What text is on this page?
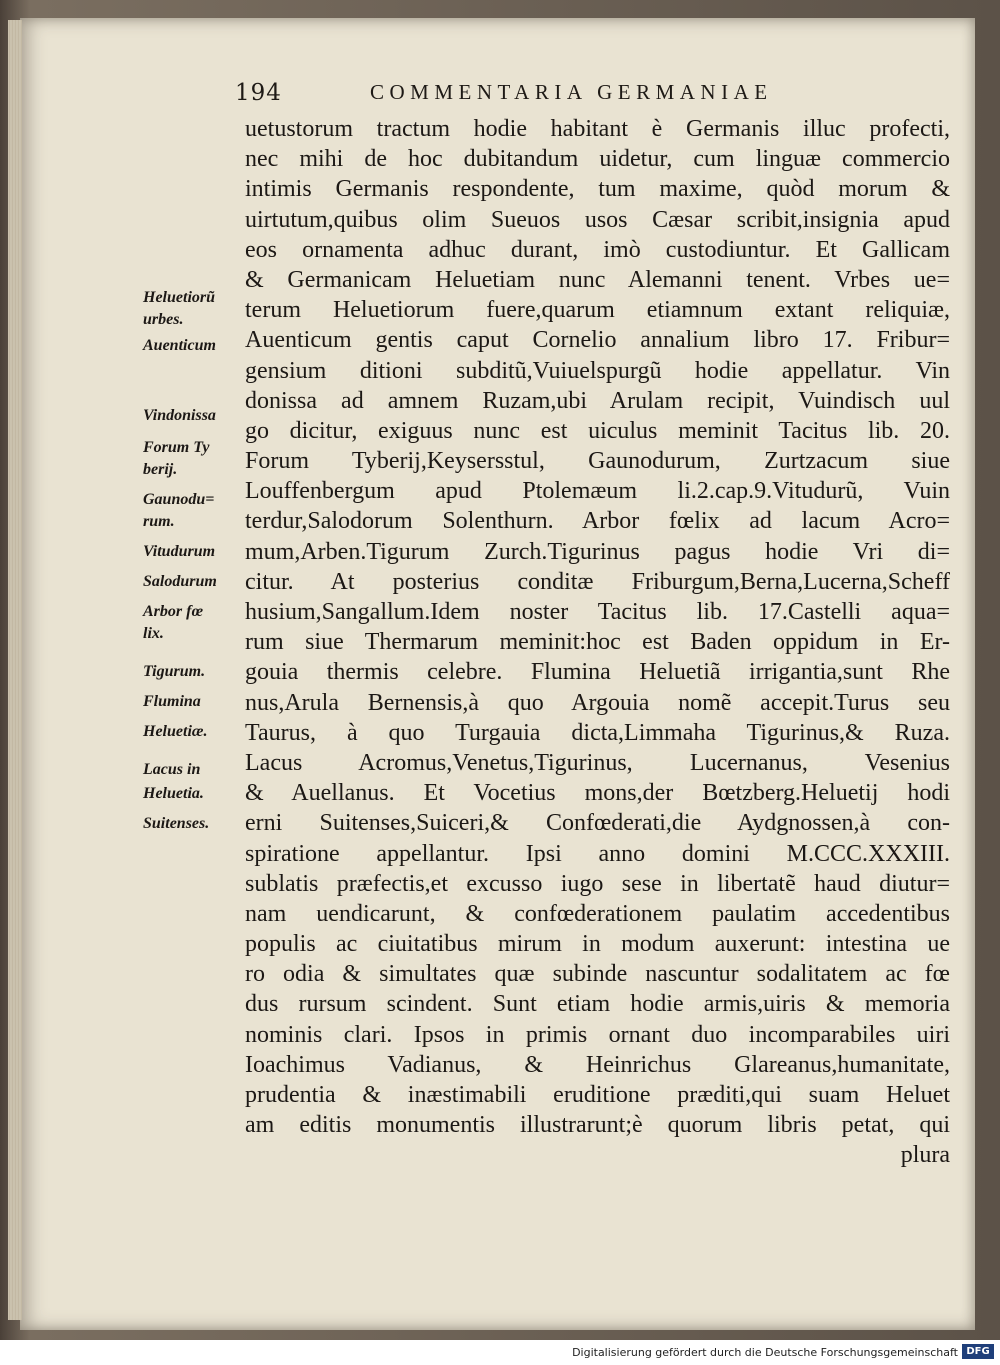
194	COMMENTARIA GERMANIAE
uetustorum tractum hodie habitant è Germanis illuc profecti,
nec mihi de hoc dubitandum uidetur, cum linguæ commercio
intimis Germanis respondente, tum maxime, quòd morum &
uirtutum,quibus olim Sueuos usos Cæsar scribit,insignia apud
eos ornamenta adhuc durant, imò custodiuntur. Et Gallicam
& Germanicam Heluetiam nunc Alemanni tenent. Vrbes ue=
terum Heluetiorum fuere,quarum etiamnum extant reliquiæ,
Auenticum gentis caput Cornelio annalium libro 17. Fribur=
gensium ditioni subditũ,Vuiuelspurgũ hodie appellatur. Vin
donissa ad amnem Ruzam,ubi Arulam recipit, Vuindisch uul
go dicitur, exiguus nunc est uiculus meminit Tacitus lib. 20.
Forum Tyberij,Keysersstul, Gaunodurum, Zurtzacum siue
Louffenbergum apud Ptolemæum li.2.cap.9.Vitudurũ, Vuin
terdur,Salodorum Solenthurn. Arbor fœlix ad lacum Acro=
mum,Arben.Tigurum Zurch.Tigurinus pagus hodie Vri di=
citur. At posterius conditæ Friburgum,Berna,Lucerna,Scheff
husium,Sangallum.Idem noster Tacitus lib. 17.Castelli aqua=
rum siue Thermarum meminit:hoc est Baden oppidum in Er-
gouia thermis celebre. Flumina Heluetiã irrigantia,sunt Rhe
nus,Arula Bernensis,à quo Argouia nomẽ accepit.Turus seu
Taurus, à quo Turgauia dicta,Limmaha Tigurinus,& Ruza.
Lacus Acromus,Venetus,Tigurinus, Lucernanus, Vesenius
& Auellanus. Et Vocetius mons,der Bœtzberg.Heluetij hodi
erni Suitenses,Suiceri,& Confœderati,die Aydgnossen,à con-
spiratione appellantur. Ipsi anno domini M.CCC.XXXIII.
sublatis præfectis,et excusso iugo sese in libertatẽ haud diutur=
nam uendicarunt, & confœderationem paulatim accedentibus
populis ac ciuitatibus mirum in modum auxerunt: intestina ue
ro odia & simultates quæ subinde nascuntur sodalitatem ac fœ
dus rursum scindent. Sunt etiam hodie armis,uiris & memoria
nominis clari. Ipsos in primis ornant duo incomparabiles uiri
Ioachimus Vadianus, & Heinrichus Glareanus,humanitate,
prudentia & inæstimabili eruditione præditi,qui suam Heluet
am editis monumentis illustrarunt;è quorum libris petat, qui
plura
Heluetiorũ
urbes.
Auenticum
Vindonissa
Forum Ty
berij.
Gaunodu=
rum.
Vitudurum
Salodurum
Arbor fœ
lix.
Tigurum.
Flumina
Heluetiæ.
Lacus in
Heluetia.
Suitenses.
Digitalisierung gefördert durch die Deutsche Forschungsgemeinschaft DFG
